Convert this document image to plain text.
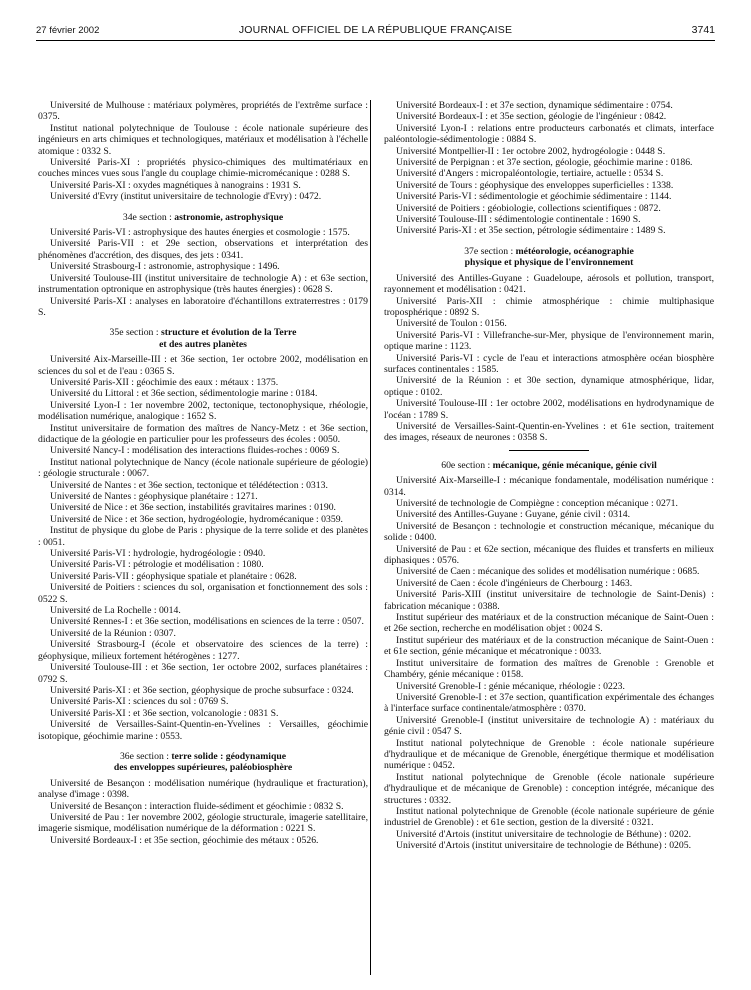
27 février 2002	JOURNAL OFFICIEL DE LA RÉPUBLIQUE FRANÇAISE	3741

Université de Mulhouse : matériaux polymères, propriétés de l'extrême surface : 0375.

Institut national polytechnique de Toulouse : école nationale supérieure des ingénieurs en arts chimiques et technologiques, matériaux et modélisation à l'échelle atomique : 0332 S.

Université Paris-XI : propriétés physico-chimiques des multimatériaux en couches minces vues sous l'angle du couplage chimie-micromécanique : 0288 S.

Université Paris-XI : oxydes magnétiques à nanograins : 1931 S.

Université d'Evry (institut universitaire de technologie d'Evry) : 0472.

34e section : astronomie, astrophysique

Université Paris-VI : astrophysique des hautes énergies et cosmologie : 1575.

Université Paris-VII : et 29e section, observations et interprétation des phénomènes d'accrétion, des disques, des jets : 0341.

Université Strasbourg-I : astronomie, astrophysique : 1496.

Université Toulouse-III (institut universitaire de technologie A) : et 63e section, instrumentation optronique en astrophysique (très hautes énergies) : 0628 S.

Université Paris-XI : analyses en laboratoire d'échantillons extraterrestres : 0179 S.

35e section : structure et évolution de la Terre
et des autres planètes

Université Aix-Marseille-III : et 36e section, 1er octobre 2002, modélisation en sciences du sol et de l'eau : 0365 S.

Université Paris-XII : géochimie des eaux : métaux : 1375.

Université du Littoral : et 36e section, sédimentologie marine : 0184.

Université Lyon-I : 1er novembre 2002, tectonique, tectonophysique, rhéologie, modélisation numérique, analogique : 1652 S.

Institut universitaire de formation des maîtres de Nancy-Metz : et 36e section, didactique de la géologie en particulier pour les professeurs des écoles : 0050.

Université Nancy-I : modélisation des interactions fluides-roches : 0069 S.

Institut national polytechnique de Nancy (école nationale supérieure de géologie) : géologie structurale : 0067.

Université de Nantes : et 36e section, tectonique et télédétection : 0313.

Université de Nantes : géophysique planétaire : 1271.

Université de Nice : et 36e section, instabilités gravitaires marines : 0190.

Université de Nice : et 36e section, hydrogéologie, hydromécanique : 0359.

Institut de physique du globe de Paris : physique de la terre solide et des planètes : 0051.

Université Paris-VI : hydrologie, hydrogéologie : 0940.

Université Paris-VI : pétrologie et modélisation : 1080.

Université Paris-VII : géophysique spatiale et planétaire : 0628.

Université de Poitiers : sciences du sol, organisation et fonctionnement des sols : 0522 S.

Université de La Rochelle : 0014.

Université Rennes-I : et 36e section, modélisations en sciences de la terre : 0507.

Université de la Réunion : 0307.

Université Strasbourg-I (école et observatoire des sciences de la terre) : géophysique, milieux fortement hétérogènes : 1277.

Université Toulouse-III : et 36e section, 1er octobre 2002, surfaces planétaires : 0792 S.

Université Paris-XI : et 36e section, géophysique de proche subsurface : 0324.

Université Paris-XI : sciences du sol : 0769 S.

Université Paris-XI : et 36e section, volcanologie : 0831 S.

Université de Versailles-Saint-Quentin-en-Yvelines : Versailles, géochimie isotopique, géochimie marine : 0553.

36e section : terre solide : géodynamique
des enveloppes supérieures, paléobiosphère

Université de Besançon : modélisation numérique (hydraulique et fracturation), analyse d'image : 0398.

Université de Besançon : interaction fluide-sédiment et géochimie : 0832 S.

Université de Pau : 1er novembre 2002, géologie structurale, imagerie satellitaire, imagerie sismique, modélisation numérique de la déformation : 0221 S.

Université Bordeaux-I : et 35e section, géochimie des métaux : 0526.

Université Bordeaux-I : et 37e section, dynamique sédimentaire : 0754.

Université Bordeaux-I : et 35e section, géologie de l'ingénieur : 0842.

Université Lyon-I : relations entre producteurs carbonatés et climats, interface paléontologie-sédimentologie : 0884 S.

Université Montpellier-II : 1er octobre 2002, hydrogéologie : 0448 S.

Université de Perpignan : et 37e section, géologie, géochimie marine : 0186.

Université d'Angers : micropaléontologie, tertiaire, actuelle : 0534 S.

Université de Tours : géophysique des enveloppes superficielles : 1338.

Université Paris-VI : sédimentologie et géochimie sédimentaire : 1144.

Université de Poitiers : géobiologie, collections scientifiques : 0872.

Université Toulouse-III : sédimentologie continentale : 1690 S.

Université Paris-XI : et 35e section, pétrologie sédimentaire : 1489 S.

37e section : météorologie, océanographie
physique et physique de l'environnement

Université des Antilles-Guyane : Guadeloupe, aérosols et pollution, transport, rayonnement et modélisation : 0421.

Université Paris-XII : chimie atmosphérique : chimie multiphasique troposphérique : 0892 S.

Université de Toulon : 0156.

Université Paris-VI : Villefranche-sur-Mer, physique de l'environnement marin, optique marine : 1123.

Université Paris-VI : cycle de l'eau et interactions atmosphère océan biosphère surfaces continentales : 1585.

Université de la Réunion : et 30e section, dynamique atmosphérique, lidar, optique : 0102.

Université Toulouse-III : 1er octobre 2002, modélisations en hydrodynamique de l'océan : 1789 S.

Université de Versailles-Saint-Quentin-en-Yvelines : et 61e section, traitement des images, réseaux de neurones : 0358 S.

60e section : mécanique, génie mécanique, génie civil

Université Aix-Marseille-I : mécanique fondamentale, modélisation numérique : 0314.

Université de technologie de Compiègne : conception mécanique : 0271.

Université des Antilles-Guyane : Guyane, génie civil : 0314.

Université de Besançon : technologie et construction mécanique, mécanique du solide : 0400.

Université de Pau : et 62e section, mécanique des fluides et transferts en milieux diphasiques : 0576.

Université de Caen : mécanique des solides et modélisation numérique : 0685.

Université de Caen : école d'ingénieurs de Cherbourg : 1463.

Université Paris-XIII (institut universitaire de technologie de Saint-Denis) : fabrication mécanique : 0388.

Institut supérieur des matériaux et de la construction mécanique de Saint-Ouen : et 26e section, recherche en modélisation objet : 0024 S.

Institut supérieur des matériaux et de la construction mécanique de Saint-Ouen : et 61e section, génie mécanique et mécatronique : 0033.

Institut universitaire de formation des maîtres de Grenoble : Grenoble et Chambéry, génie mécanique : 0158.

Université Grenoble-I : génie mécanique, rhéologie : 0223.

Université Grenoble-I : et 37e section, quantification expérimentale des échanges à l'interface surface continentale/atmosphère : 0370.

Université Grenoble-I (institut universitaire de technologie A) : matériaux du génie civil : 0547 S.

Institut national polytechnique de Grenoble : école nationale supérieure d'hydraulique et de mécanique de Grenoble, énergétique thermique et modélisation numérique : 0452.

Institut national polytechnique de Grenoble (école nationale supérieure d'hydraulique et de mécanique de Grenoble) : conception intégrée, mécanique des structures : 0332.

Institut national polytechnique de Grenoble (école nationale supérieure de génie industriel de Grenoble) : et 61e section, gestion de la diversité : 0321.

Université d'Artois (institut universitaire de technologie de Béthune) : 0202.

Université d'Artois (institut universitaire de technologie de Béthune) : 0205.
